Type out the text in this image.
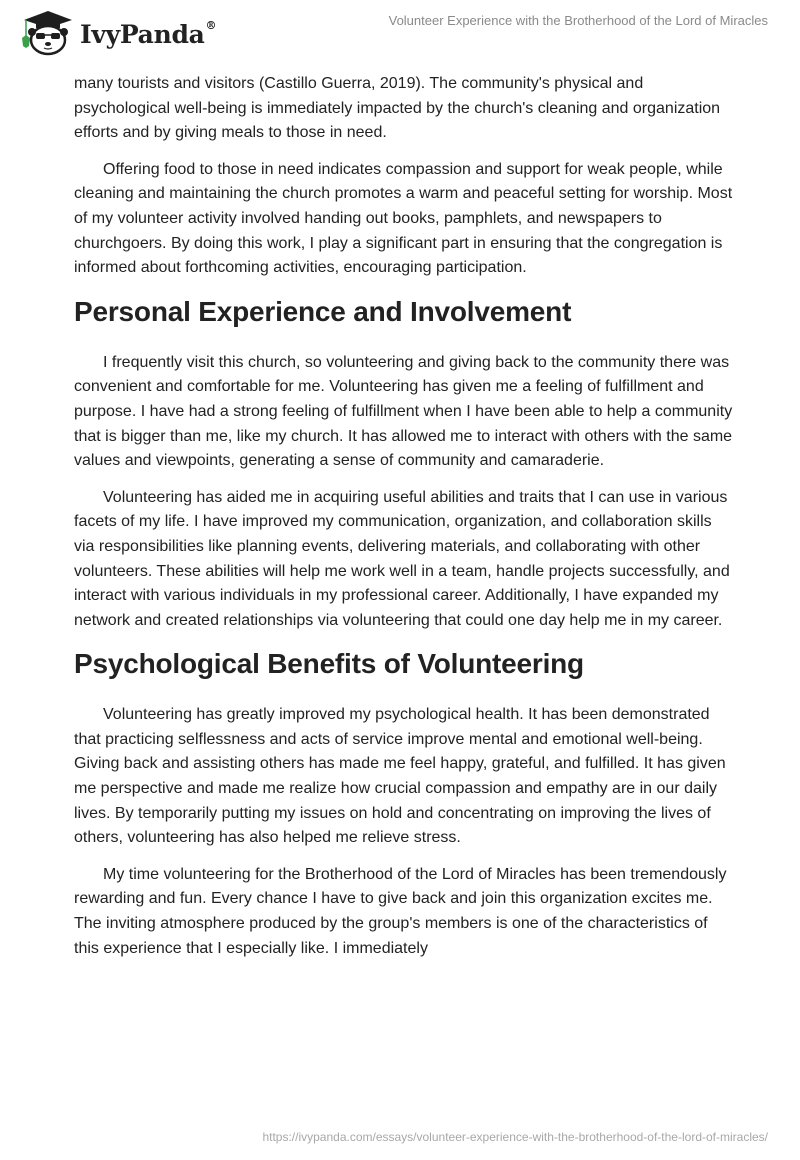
IvyPanda®	Volunteer Experience with the Brotherhood of the Lord of Miracles

many tourists and visitors (Castillo Guerra, 2019). The community's physical and psychological well-being is immediately impacted by the church's cleaning and organization efforts and by giving meals to those in need.

Offering food to those in need indicates compassion and support for weak people, while cleaning and maintaining the church promotes a warm and peaceful setting for worship. Most of my volunteer activity involved handing out books, pamphlets, and newspapers to churchgoers. By doing this work, I play a significant part in ensuring that the congregation is informed about forthcoming activities, encouraging participation.

Personal Experience and Involvement

I frequently visit this church, so volunteering and giving back to the community there was convenient and comfortable for me. Volunteering has given me a feeling of fulfillment and purpose. I have had a strong feeling of fulfillment when I have been able to help a community that is bigger than me, like my church. It has allowed me to interact with others with the same values and viewpoints, generating a sense of community and camaraderie.

Volunteering has aided me in acquiring useful abilities and traits that I can use in various facets of my life. I have improved my communication, organization, and collaboration skills via responsibilities like planning events, delivering materials, and collaborating with other volunteers. These abilities will help me work well in a team, handle projects successfully, and interact with various individuals in my professional career. Additionally, I have expanded my network and created relationships via volunteering that could one day help me in my career.

Psychological Benefits of Volunteering

Volunteering has greatly improved my psychological health. It has been demonstrated that practicing selflessness and acts of service improve mental and emotional well-being. Giving back and assisting others has made me feel happy, grateful, and fulfilled. It has given me perspective and made me realize how crucial compassion and empathy are in our daily lives. By temporarily putting my issues on hold and concentrating on improving the lives of others, volunteering has also helped me relieve stress.

My time volunteering for the Brotherhood of the Lord of Miracles has been tremendously rewarding and fun. Every chance I have to give back and join this organization excites me. The inviting atmosphere produced by the group's members is one of the characteristics of this experience that I especially like. I immediately

https://ivypanda.com/essays/volunteer-experience-with-the-brotherhood-of-the-lord-of-miracles/
